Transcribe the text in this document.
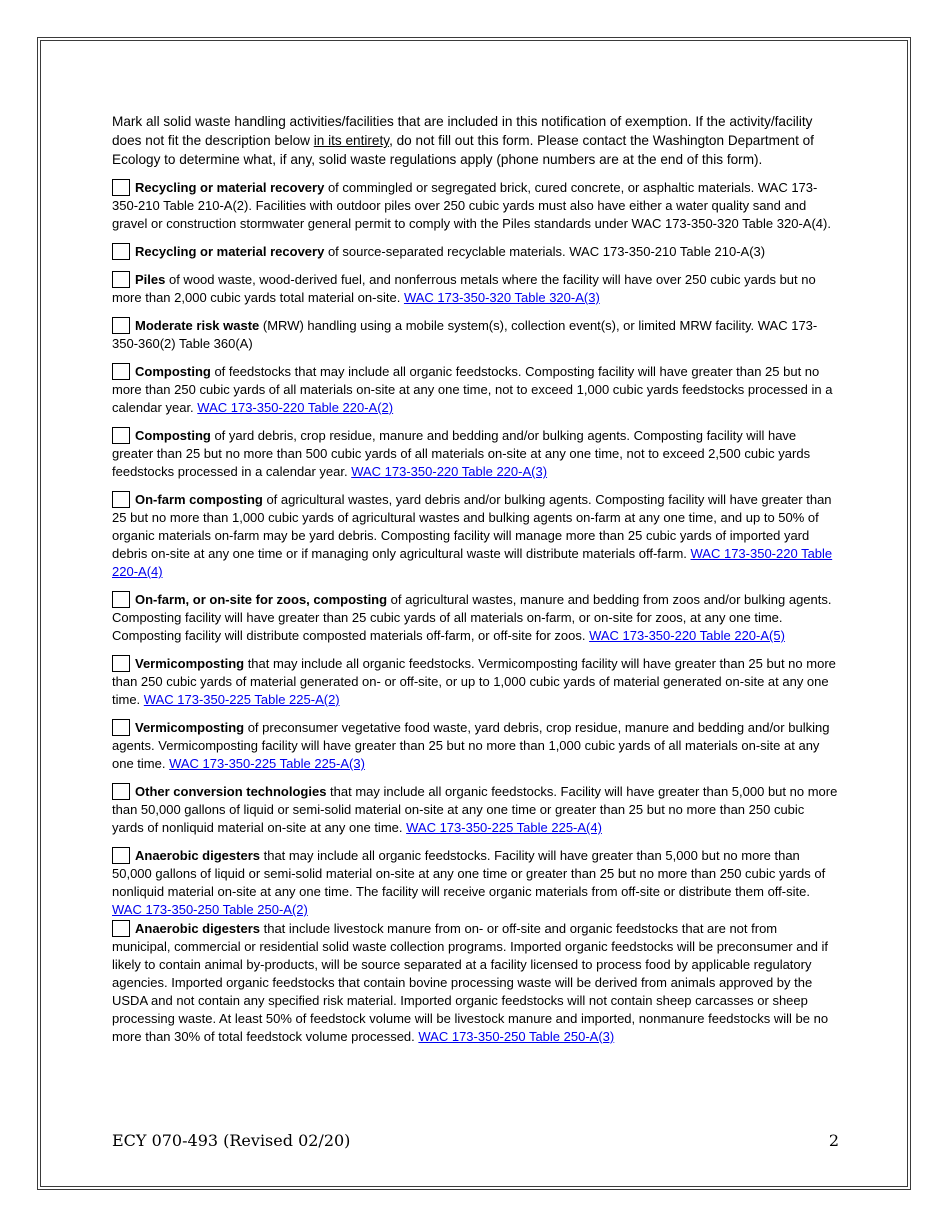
Mark all solid waste handling activities/facilities that are included in this notification of exemption. If the activity/facility does not fit the description below in its entirety, do not fill out this form. Please contact the Washington Department of Ecology to determine what, if any, solid waste regulations apply (phone numbers are at the end of this form).

Recycling or material recovery of commingled or segregated brick, cured concrete, or asphaltic materials. WAC 173-350-210 Table 210-A(2). Facilities with outdoor piles over 250 cubic yards must also have either a water quality sand and gravel or construction stormwater general permit to comply with the Piles standards under WAC 173-350-320 Table 320-A(4).

Recycling or material recovery of source-separated recyclable materials. WAC 173-350-210 Table 210-A(3)

Piles of wood waste, wood-derived fuel, and nonferrous metals where the facility will have over 250 cubic yards but no more than 2,000 cubic yards total material on-site. WAC 173-350-320 Table 320-A(3)

Moderate risk waste (MRW) handling using a mobile system(s), collection event(s), or limited MRW facility. WAC 173-350-360(2) Table 360(A)

Composting of feedstocks that may include all organic feedstocks. Composting facility will have greater than 25 but no more than 250 cubic yards of all materials on-site at any one time, not to exceed 1,000 cubic yards feedstocks processed in a calendar year. WAC 173-350-220 Table 220-A(2)

Composting of yard debris, crop residue, manure and bedding and/or bulking agents. Composting facility will have greater than 25 but no more than 500 cubic yards of all materials on-site at any one time, not to exceed 2,500 cubic yards feedstocks processed in a calendar year. WAC 173-350-220 Table 220-A(3)

On-farm composting of agricultural wastes, yard debris and/or bulking agents. Composting facility will have greater than 25 but no more than 1,000 cubic yards of agricultural wastes and bulking agents on-farm at any one time, and up to 50% of organic materials on-farm may be yard debris. Composting facility will manage more than 25 cubic yards of imported yard debris on-site at any one time or if managing only agricultural waste will distribute materials off-farm. WAC 173-350-220 Table 220-A(4)

On-farm, or on-site for zoos, composting of agricultural wastes, manure and bedding from zoos and/or bulking agents. Composting facility will have greater than 25 cubic yards of all materials on-farm, or on-site for zoos, at any one time. Composting facility will distribute composted materials off-farm, or off-site for zoos. WAC 173-350-220 Table 220-A(5)

Vermicomposting that may include all organic feedstocks. Vermicomposting facility will have greater than 25 but no more than 250 cubic yards of material generated on- or off-site, or up to 1,000 cubic yards of material generated on-site at any one time. WAC 173-350-225 Table 225-A(2)

Vermicomposting of preconsumer vegetative food waste, yard debris, crop residue, manure and bedding and/or bulking agents. Vermicomposting facility will have greater than 25 but no more than 1,000 cubic yards of all materials on-site at any one time. WAC 173-350-225 Table 225-A(3)

Other conversion technologies that may include all organic feedstocks. Facility will have greater than 5,000 but no more than 50,000 gallons of liquid or semi-solid material on-site at any one time or greater than 25 but no more than 250 cubic yards of nonliquid material on-site at any one time. WAC 173-350-225 Table 225-A(4)

Anaerobic digesters that may include all organic feedstocks. Facility will have greater than 5,000 but no more than 50,000 gallons of liquid or semi-solid material on-site at any one time or greater than 25 but no more than 250 cubic yards of nonliquid material on-site at any one time. The facility will receive organic materials from off-site or distribute them off-site. WAC 173-350-250 Table 250-A(2)

Anaerobic digesters that include livestock manure from on- or off-site and organic feedstocks that are not from municipal, commercial or residential solid waste collection programs. Imported organic feedstocks will be preconsumer and if likely to contain animal by-products, will be source separated at a facility licensed to process food by applicable regulatory agencies. Imported organic feedstocks that contain bovine processing waste will be derived from animals approved by the USDA and not contain any specified risk material. Imported organic feedstocks will not contain sheep carcasses or sheep processing waste. At least 50% of feedstock volume will be livestock manure and imported, nonmanure feedstocks will be no more than 30% of total feedstock volume processed. WAC 173-350-250 Table 250-A(3)

ECY 070-493 (Revised 02/20)	2
